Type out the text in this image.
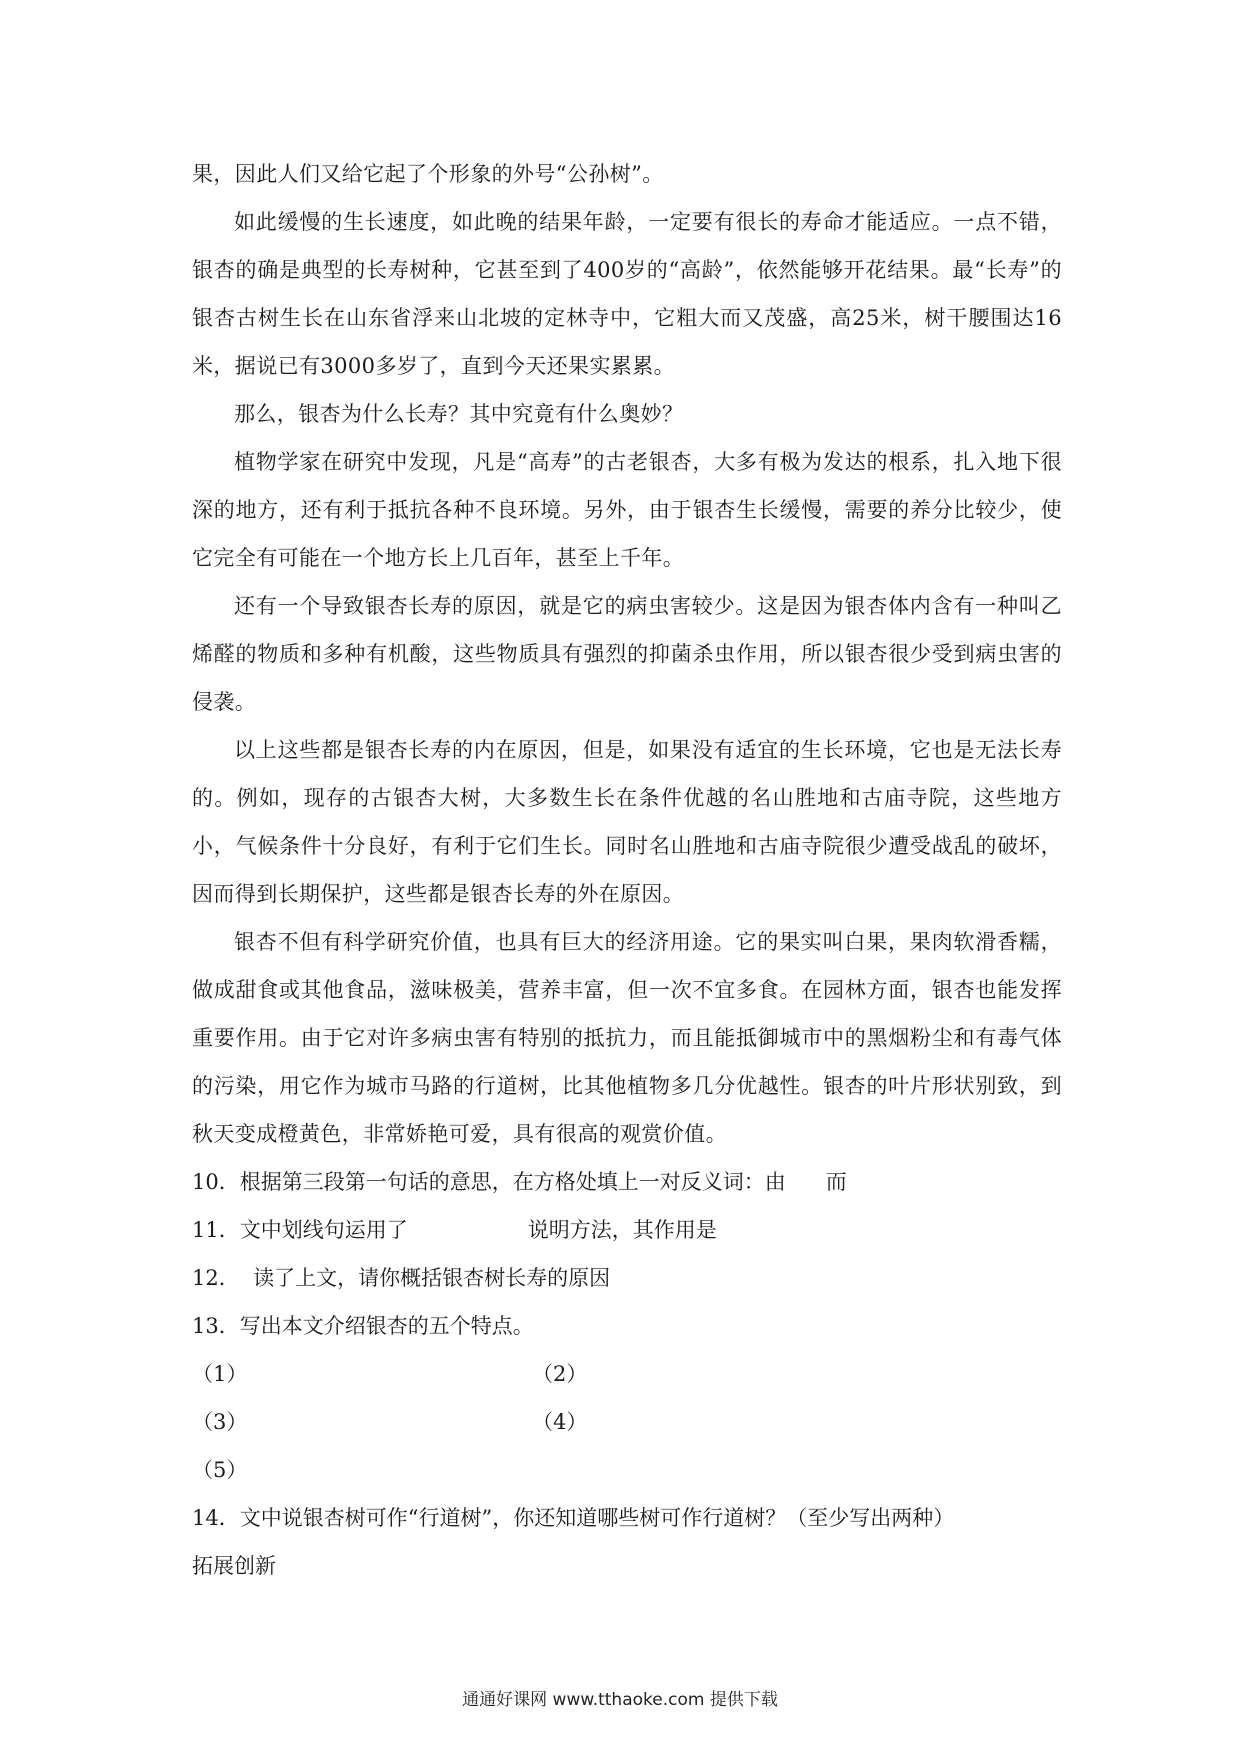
果，因此人们又给它起了个形象的外号“公孙树”。

如此缓慢的生长速度，如此晚的结果年龄，一定要有很长的寿命才能适应。一点不错，银杏的确是典型的长寿树种，它甚至到了400岁的“高龄”，依然能够开花结果。最“长寿”的银杏古树生长在山东省浮来山北坡的定林寺中，它粗大而又茂盛，高25米，树干腰围达16米，据说已有3000多岁了，直到今天还果实累累。

那么，银杏为什么长寿？其中究竟有什么奥妙？

植物学家在研究中发现，凡是“高寿”的古老银杏，大多有极为发达的根系，扎入地下很深的地方，还有利于抵抗各种不良环境。另外，由于银杏生长缓慢，需要的养分比较少，使它完全有可能在一个地方长上几百年，甚至上千年。

还有一个导致银杏长寿的原因，就是它的病虫害较少。这是因为银杏体内含有一种叫乙烯醛的物质和多种有机酸，这些物质具有强烈的抑菌杀虫作用，所以银杏很少受到病虫害的侵袭。

以上这些都是银杏长寿的内在原因，但是，如果没有适宜的生长环境，它也是无法长寿的。例如，现存的古银杏大树，大多数生长在条件优越的名山胜地和古庙寺院，这些地方小，气候条件十分良好，有利于它们生长。同时名山胜地和古庙寺院很少遭受战乱的破坏，因而得到长期保护，这些都是银杏长寿的外在原因。

银杏不但有科学研究价值，也具有巨大的经济用途。它的果实叫白果，果肉软滑香糯，做成甜食或其他食品，滋味极美，营养丰富，但一次不宜多食。在园林方面，银杏也能发挥重要作用。由于它对许多病虫害有特别的抵抗力，而且能抵御城市中的黑烟粉尘和有毒气体的污染，用它作为城市马路的行道树，比其他植物多几分优越性。银杏的叶片形状别致，到秋天变成橙黄色，非常娇艳可爱，具有很高的观赏价值。

10．根据第三段第一句话的意思，在方格处填上一对反义词：由 而

11．文中划线句运用了	说明方法，其作用是

12．  读了上文，请你概括银杏树长寿的原因

13．写出本文介绍银杏的五个特点。

（1）	（2）
（3）	（4）
（5）

14．文中说银杏树可作“行道树”，你还知道哪些树可作行道树？（至少写出两种）

拓展创新

通通好课网 www.tthaoke.com 提供下载
